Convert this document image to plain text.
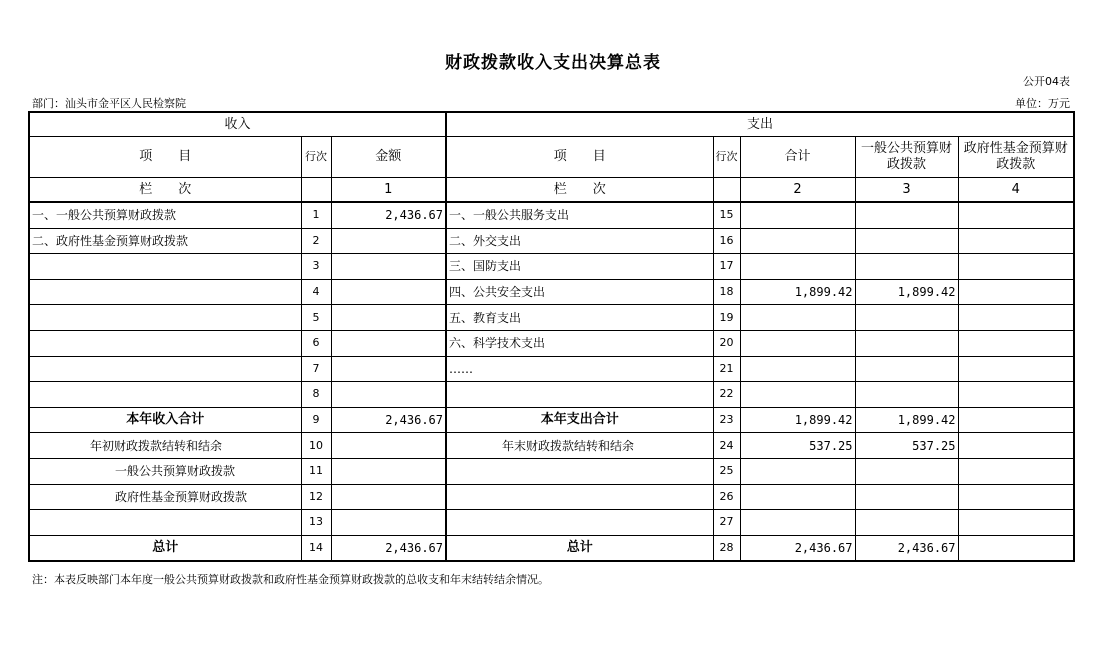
财政拨款收入支出决算总表
公开04表
部门：汕头市金平区人民检察院	单位：万元
收入			支出				
项　　目	行次	金额	项　　目	行次	合计	一般公共预算财政拨款	政府性基金预算财政拨款
栏　　次		1	栏　　次		2	3	4
一、一般公共预算财政拨款	1	2,436.67	一、一般公共服务支出	15			
二、政府性基金预算财政拨款	2		二、外交支出	16			
	3		三、国防支出	17			
	4		四、公共安全支出	18	1,899.42	1,899.42	
	5		五、教育支出	19			
	6		六、科学技术支出	20			
	7		……	21			
	8			22			
本年收入合计	9	2,436.67	本年支出合计	23	1,899.42	1,899.42	
年初财政拨款结转和结余	10		年末财政拨款结转和结余	24	537.25	537.25	
一般公共预算财政拨款	11			25			
政府性基金预算财政拨款	12			26			
	13			27			
总计	14	2,436.67	总计	28	2,436.67	2,436.67	
注：本表反映部门本年度一般公共预算财政拨款和政府性基金预算财政拨款的总收支和年末结转结余情况。
